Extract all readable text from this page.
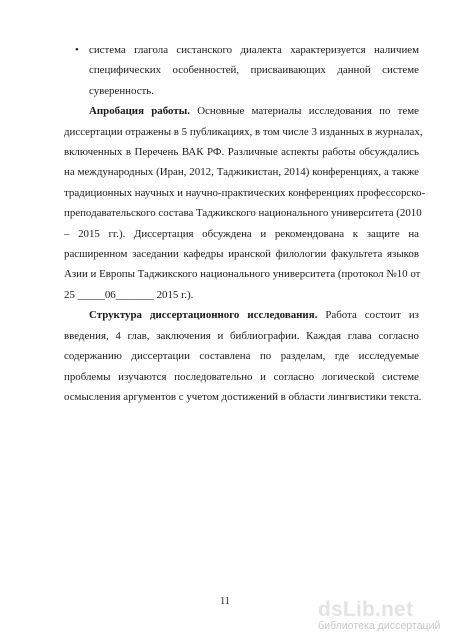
• система глагола систанского диалекта характеризуется наличием
специфических особенностей, присваивающих данной системе
суверенность.
Апробация работы. Основные материалы исследования по теме
диссертации отражены в 5 публикациях, в том числе 3 изданных в журналах,
включенных в Перечень ВАК РФ. Различные аспекты работы обсуждались
на международных (Иран, 2012, Таджикистан, 2014) конференциях, а также
традиционных научных и научно-практических конференциях профессорско-
преподавательского состава Таджикского национального университета (2010
– 2015 гг.). Диссертация обсуждена и рекомендована к защите на
расширенном заседании кафедры иранской филологии факультета языков
Азии и Европы Таджикского национального университета (протокол №10 от
25 _____06_______ 2015 г.).
Структура диссертационного исследования. Работа состоит из
введения, 4 глав, заключения и библиографии. Каждая глава согласно
содержанию диссертации составлена по разделам, где исследуемые
проблемы изучаются последовательно и согласно логической системе
осмысления аргументов с учетом достижений в области лингвистики текста.
11	dsLib.net
библиотека диссертаций
